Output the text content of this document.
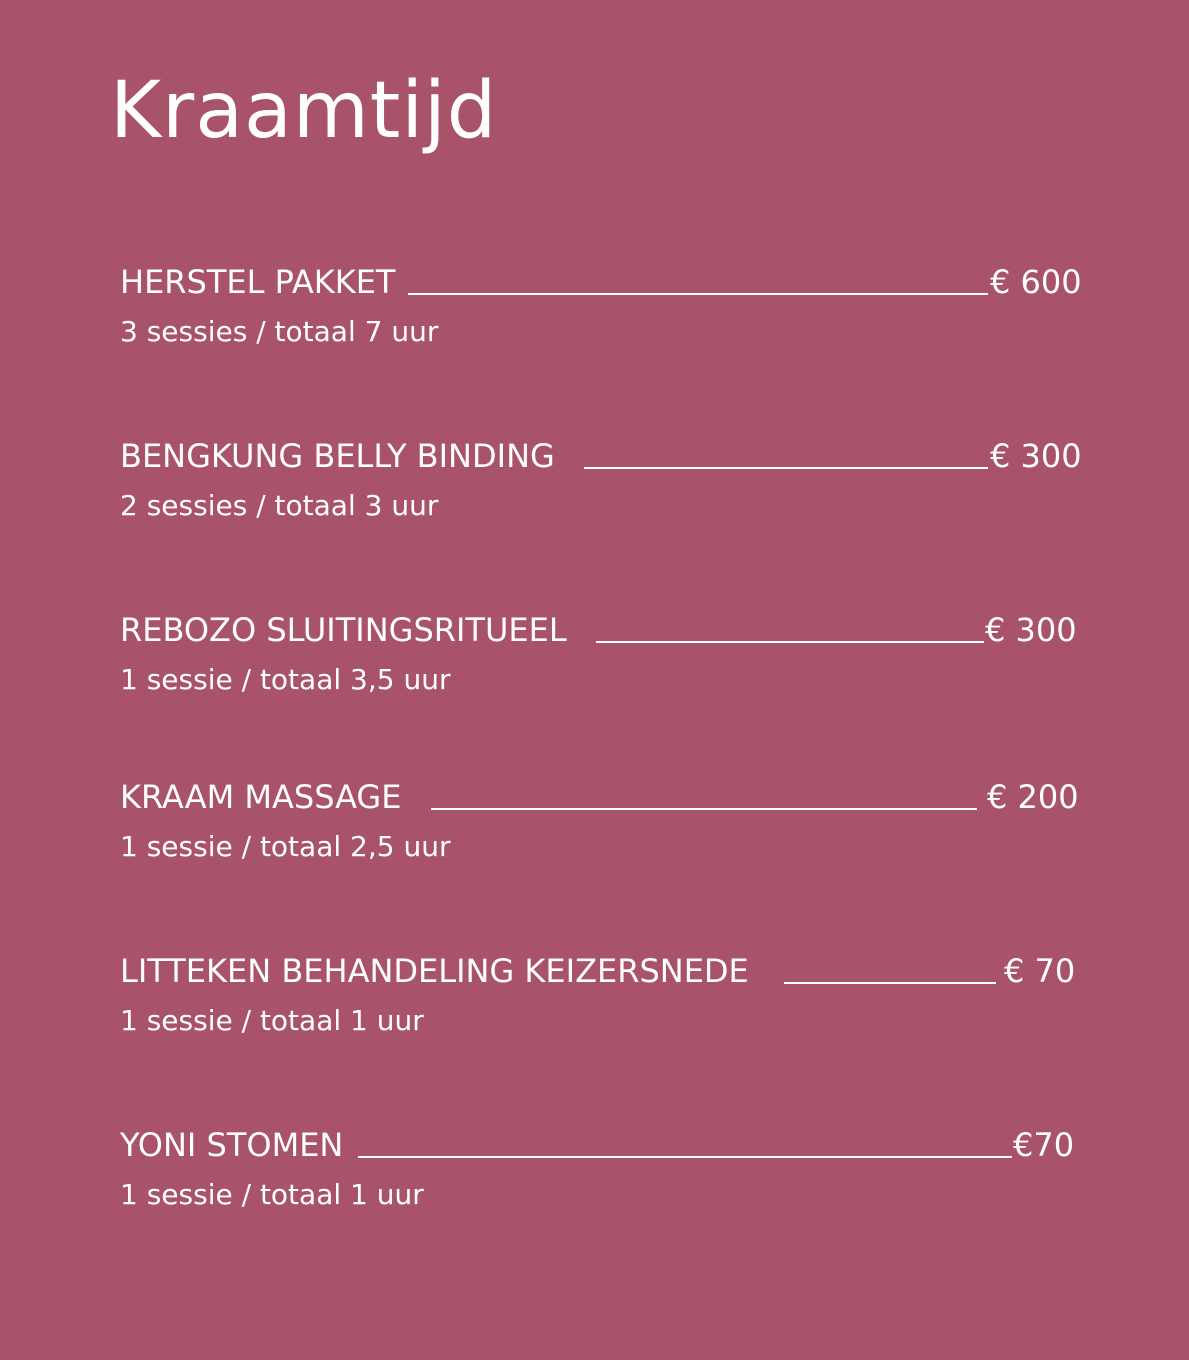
Kraamtijd
HERSTEL PAKKET	€ 600
3 sessies / totaal 7 uur
BENGKUNG BELLY BINDING	€ 300
2 sessies / totaal 3 uur
REBOZO SLUITINGSRITUEEL	€ 300
1 sessie / totaal 3,5 uur
KRAAM MASSAGE	€ 200
1 sessie / totaal 2,5 uur
LITTEKEN BEHANDELING KEIZERSNEDE	€ 70
1 sessie / totaal 1 uur
YONI STOMEN	€70
1 sessie / totaal 1 uur
